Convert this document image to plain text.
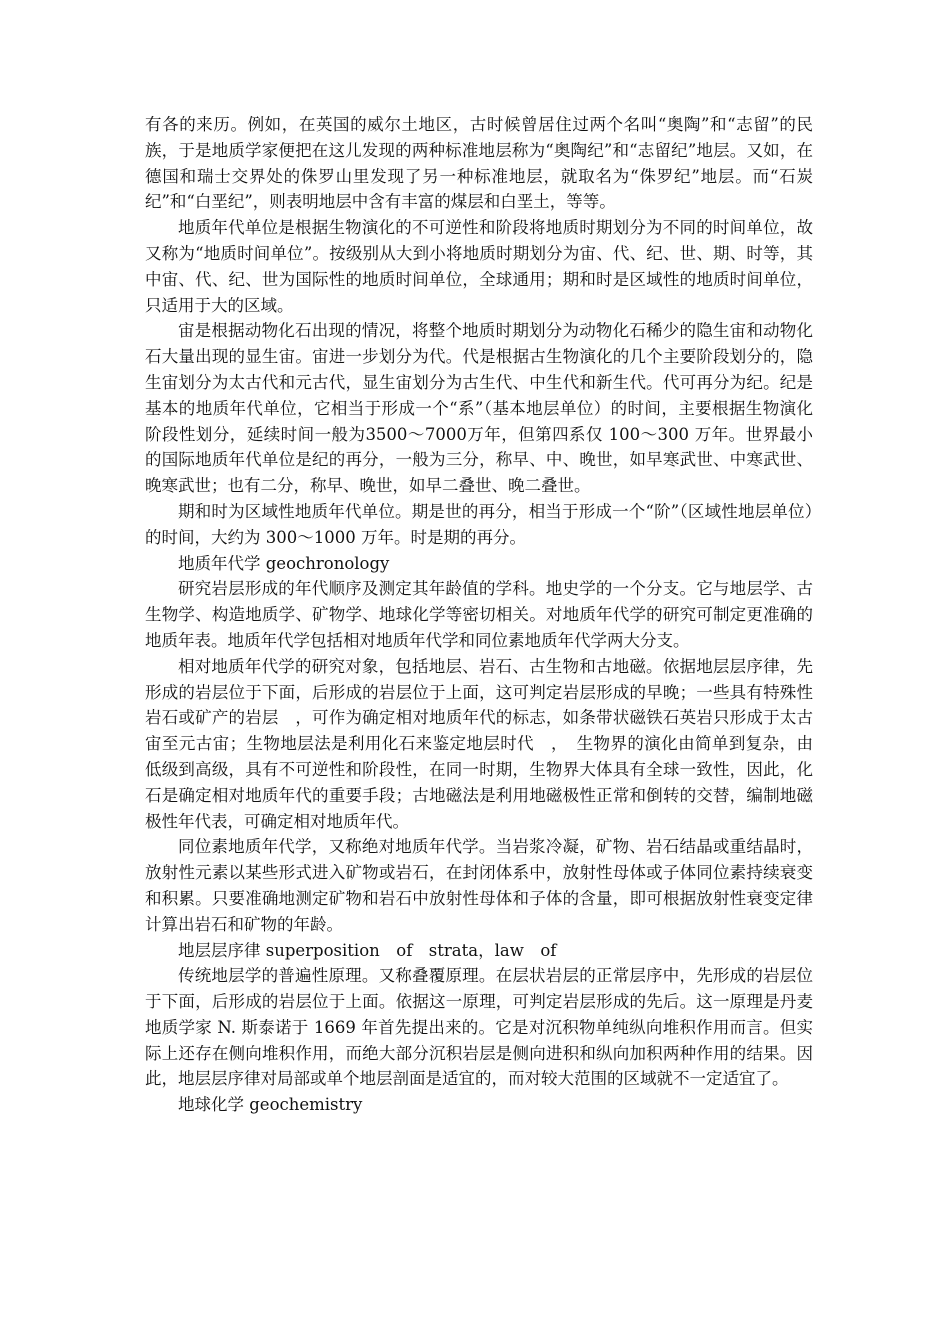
有各的来历。例如，在英国的威尔土地区，古时候曾居住过两个名叫“奥陶”和“志留”的民族，于是地质学家便把在这儿发现的两种标准地层称为“奥陶纪”和“志留纪”地层。又如，在德国和瑞士交界处的侏罗山里发现了另一种标准地层，就取名为“侏罗纪”地层。而“石炭纪”和“白垩纪”，则表明地层中含有丰富的煤层和白垩土，等等。

地质年代单位是根据生物演化的不可逆性和阶段将地质时期划分为不同的时间单位，故又称为“地质时间单位”。按级别从大到小将地质时期划分为宙、代、纪、世、期、时等，其中宙、代、纪、世为国际性的地质时间单位，全球通用；期和时是区域性的地质时间单位，只适用于大的区域。

宙是根据动物化石出现的情况，将整个地质时期划分为动物化石稀少的隐生宙和动物化石大量出现的显生宙。宙进一步划分为代。代是根据古生物演化的几个主要阶段划分的，隐生宙划分为太古代和元古代，显生宙划分为古生代、中生代和新生代。代可再分为纪。纪是基本的地质年代单位，它相当于形成一个“系”（基本地层单位）的时间，主要根据生物演化阶段性划分，延续时间一般为3500～7000万年，但第四系仅 100～300 万年。世界最小的国际地质年代单位是纪的再分，一般为三分，称早、中、晚世，如早寒武世、中寒武世、晚寒武世；也有二分，称早、晚世，如早二叠世、晚二叠世。

期和时为区域性地质年代单位。期是世的再分，相当于形成一个“阶”（区域性地层单位）的时间，大约为 300～1000 万年。时是期的再分。

地质年代学 geochronology

研究岩层形成的年代顺序及测定其年龄值的学科。地史学的一个分支。它与地层学、古生物学、构造地质学、矿物学、地球化学等密切相关。对地质年代学的研究可制定更准确的地质年表。地质年代学包括相对地质年代学和同位素地质年代学两大分支。

相对地质年代学的研究对象，包括地层、岩石、古生物和古地磁。依据地层层序律，先形成的岩层位于下面，后形成的岩层位于上面，这可判定岩层形成的早晚；一些具有特殊性岩石或矿产的岩层　，可作为确定相对地质年代的标志，如条带状磁铁石英岩只形成于太古宙至元古宙；生物地层法是利用化石来鉴定地层时代　，　生物界的演化由简单到复杂，由低级到高级，具有不可逆性和阶段性，在同一时期，生物界大体具有全球一致性，因此，化石是确定相对地质年代的重要手段；古地磁法是利用地磁极性正常和倒转的交替，编制地磁极性年代表，可确定相对地质年代。

同位素地质年代学，又称绝对地质年代学。当岩浆冷凝，矿物、岩石结晶或重结晶时，放射性元素以某些形式进入矿物或岩石，在封闭体系中，放射性母体或子体同位素持续衰变和积累。只要准确地测定矿物和岩石中放射性母体和子体的含量，即可根据放射性衰变定律计算出岩石和矿物的年龄。

地层层序律 superposition　of　strata，law　of

传统地层学的普遍性原理。又称叠覆原理。在层状岩层的正常层序中，先形成的岩层位于下面，后形成的岩层位于上面。依据这一原理，可判定岩层形成的先后。这一原理是丹麦地质学家 N. 斯泰诺于 1669 年首先提出来的。它是对沉积物单纯纵向堆积作用而言。但实际上还存在侧向堆积作用，而绝大部分沉积岩层是侧向进积和纵向加积两种作用的结果。因此，地层层序律对局部或单个地层剖面是适宜的，而对较大范围的区域就不一定适宜了。

地球化学 geochemistry
